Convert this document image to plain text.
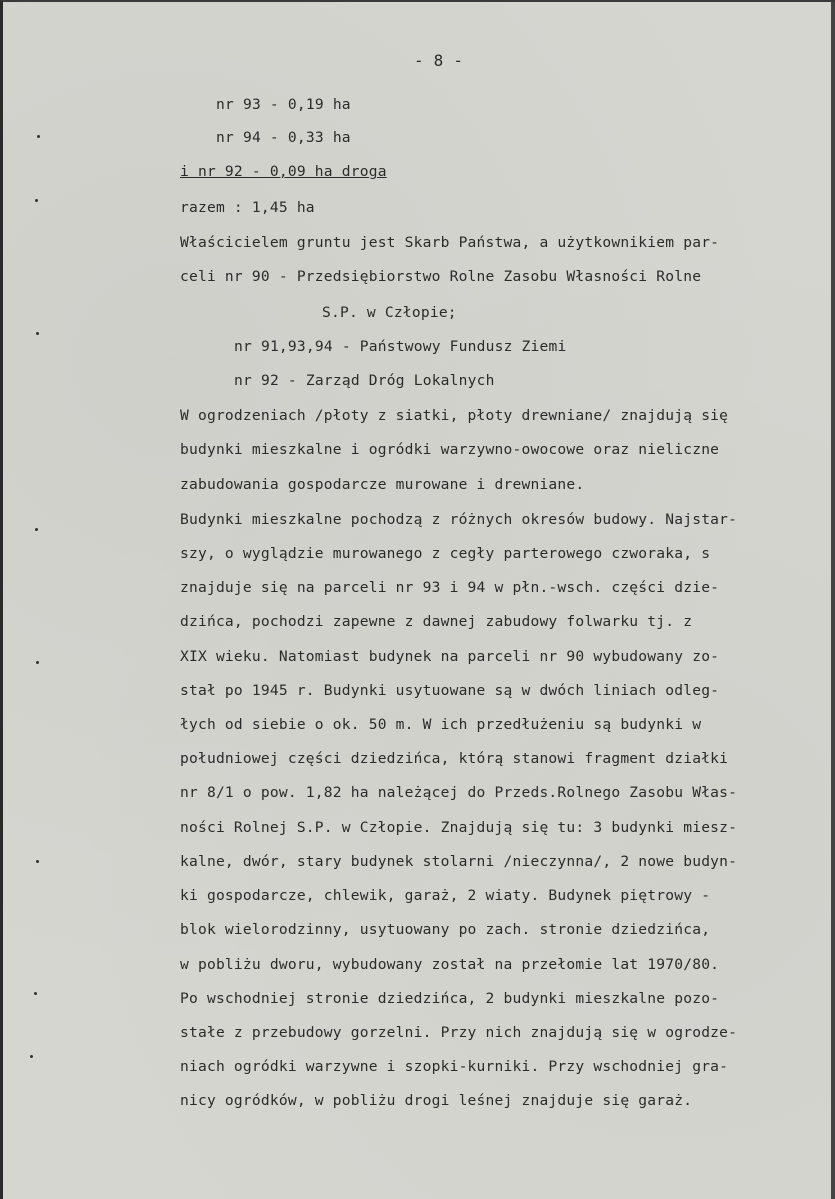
- 8 -
nr 93 - 0,19 ha
nr 94 - 0,33 ha
i nr 92 - 0,09 ha droga
razem : 1,45 ha
Właścicielem gruntu jest Skarb Państwa, a użytkownikiem par-
celi nr 90 - Przedsiębiorstwo Rolne Zasobu Własności Rolne
S.P. w Człopie;
nr 91,93,94 - Państwowy Fundusz Ziemi
nr 92 - Zarząd Dróg Lokalnych
W ogrodzeniach /płoty z siatki, płoty drewniane/ znajdują się
budynki mieszkalne i ogródki warzywno-owocowe oraz nieliczne
zabudowania gospodarcze murowane i drewniane.
Budynki mieszkalne pochodzą z różnych okresów budowy. Najstar-
szy, o wyglądzie murowanego z cegły parterowego czworaka, s
znajduje się na parceli nr 93 i 94 w płn.-wsch. części dzie-
dzińca, pochodzi zapewne z dawnej zabudowy folwarku tj. z
XIX wieku. Natomiast budynek na parceli nr 90 wybudowany zo-
stał po 1945 r. Budynki usytuowane są w dwóch liniach odleg-
łych od siebie o ok. 50 m. W ich przedłużeniu są budynki w
południowej części dziedzińca, którą stanowi fragment działki
nr 8/1 o pow. 1,82 ha należącej do Przeds.Rolnego Zasobu Włas-
ności Rolnej S.P. w Człopie. Znajdują się tu: 3 budynki miesz-
kalne, dwór, stary budynek stolarni /nieczynna/, 2 nowe budyn-
ki gospodarcze, chlewik, garaż, 2 wiaty. Budynek piętrowy -
blok wielorodzinny, usytuowany po zach. stronie dziedzińca,
w pobliżu dworu, wybudowany został na przełomie lat 1970/80.
Po wschodniej stronie dziedzińca, 2 budynki mieszkalne pozo-
stałe z przebudowy gorzelni. Przy nich znajdują się w ogrodze-
niach ogródki warzywne i szopki-kurniki. Przy wschodniej gra-
nicy ogródków, w pobliżu drogi leśnej znajduje się garaż.
